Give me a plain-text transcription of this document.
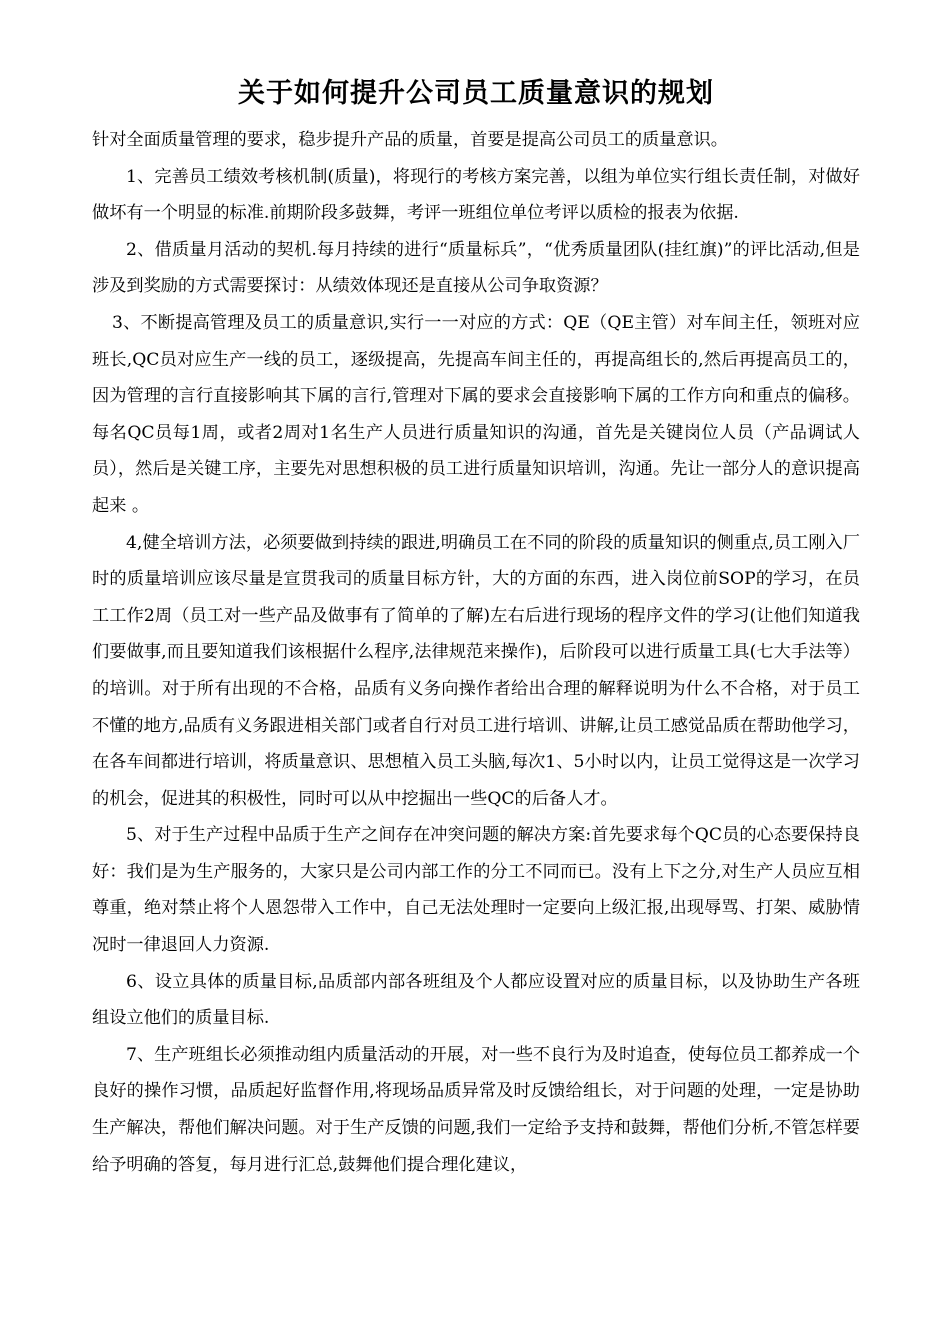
关于如何提升公司员工质量意识的规划

针对全面质量管理的要求，稳步提升产品的质量，首要是提高公司员工的质量意识。

1、完善员工绩效考核机制(质量)，将现行的考核方案完善，以组为单位实行组长责任制，对做好做坏有一个明显的标准.前期阶段多鼓舞，考评一班组位单位考评以质检的报表为依据.

2、借质量月活动的契机.每月持续的进行“质量标兵”，“优秀质量团队(挂红旗)”的评比活动,但是涉及到奖励的方式需要探讨：从绩效体现还是直接从公司争取资源？

3、不断提高管理及员工的质量意识,实行一一对应的方式：QE（QE主管）对车间主任，领班对应班长,QC员对应生产一线的员工，逐级提高，先提高车间主任的，再提高组长的,然后再提高员工的，因为管理的言行直接影响其下属的言行,管理对下属的要求会直接影响下属的工作方向和重点的偏移。每名QC员每1周，或者2周对1名生产人员进行质量知识的沟通，首先是关键岗位人员（产品调试人员），然后是关键工序，主要先对思想积极的员工进行质量知识培训，沟通。先让一部分人的意识提高起来 。

4,健全培训方法，必须要做到持续的跟进,明确员工在不同的阶段的质量知识的侧重点,员工刚入厂时的质量培训应该尽量是宣贯我司的质量目标方针，大的方面的东西，进入岗位前SOP的学习，在员工工作2周（员工对一些产品及做事有了简单的了解)左右后进行现场的程序文件的学习(让他们知道我们要做事,而且要知道我们该根据什么程序,法律规范来操作)，后阶段可以进行质量工具(七大手法等）的培训。对于所有出现的不合格，品质有义务向操作者给出合理的解释说明为什么不合格，对于员工不懂的地方,品质有义务跟进相关部门或者自行对员工进行培训、讲解,让员工感觉品质在帮助他学习，在各车间都进行培训，将质量意识、思想植入员工头脑,每次1、5小时以内，让员工觉得这是一次学习的机会，促进其的积极性，同时可以从中挖掘出一些QC的后备人才。

5、对于生产过程中品质于生产之间存在冲突问题的解决方案:首先要求每个QC员的心态要保持良好：我们是为生产服务的，大家只是公司内部工作的分工不同而已。没有上下之分,对生产人员应互相尊重，绝对禁止将个人恩怨带入工作中，自己无法处理时一定要向上级汇报,出现辱骂、打架、威胁情况时一律退回人力资源.

6、设立具体的质量目标,品质部内部各班组及个人都应设置对应的质量目标，以及协助生产各班组设立他们的质量目标.

7、生产班组长必须推动组内质量活动的开展，对一些不良行为及时追查，使每位员工都养成一个良好的操作习惯，品质起好监督作用,将现场品质异常及时反馈给组长，对于问题的处理，一定是协助生产解决，帮他们解决问题。对于生产反馈的问题,我们一定给予支持和鼓舞，帮他们分析,不管怎样要给予明确的答复，每月进行汇总,鼓舞他们提合理化建议，
